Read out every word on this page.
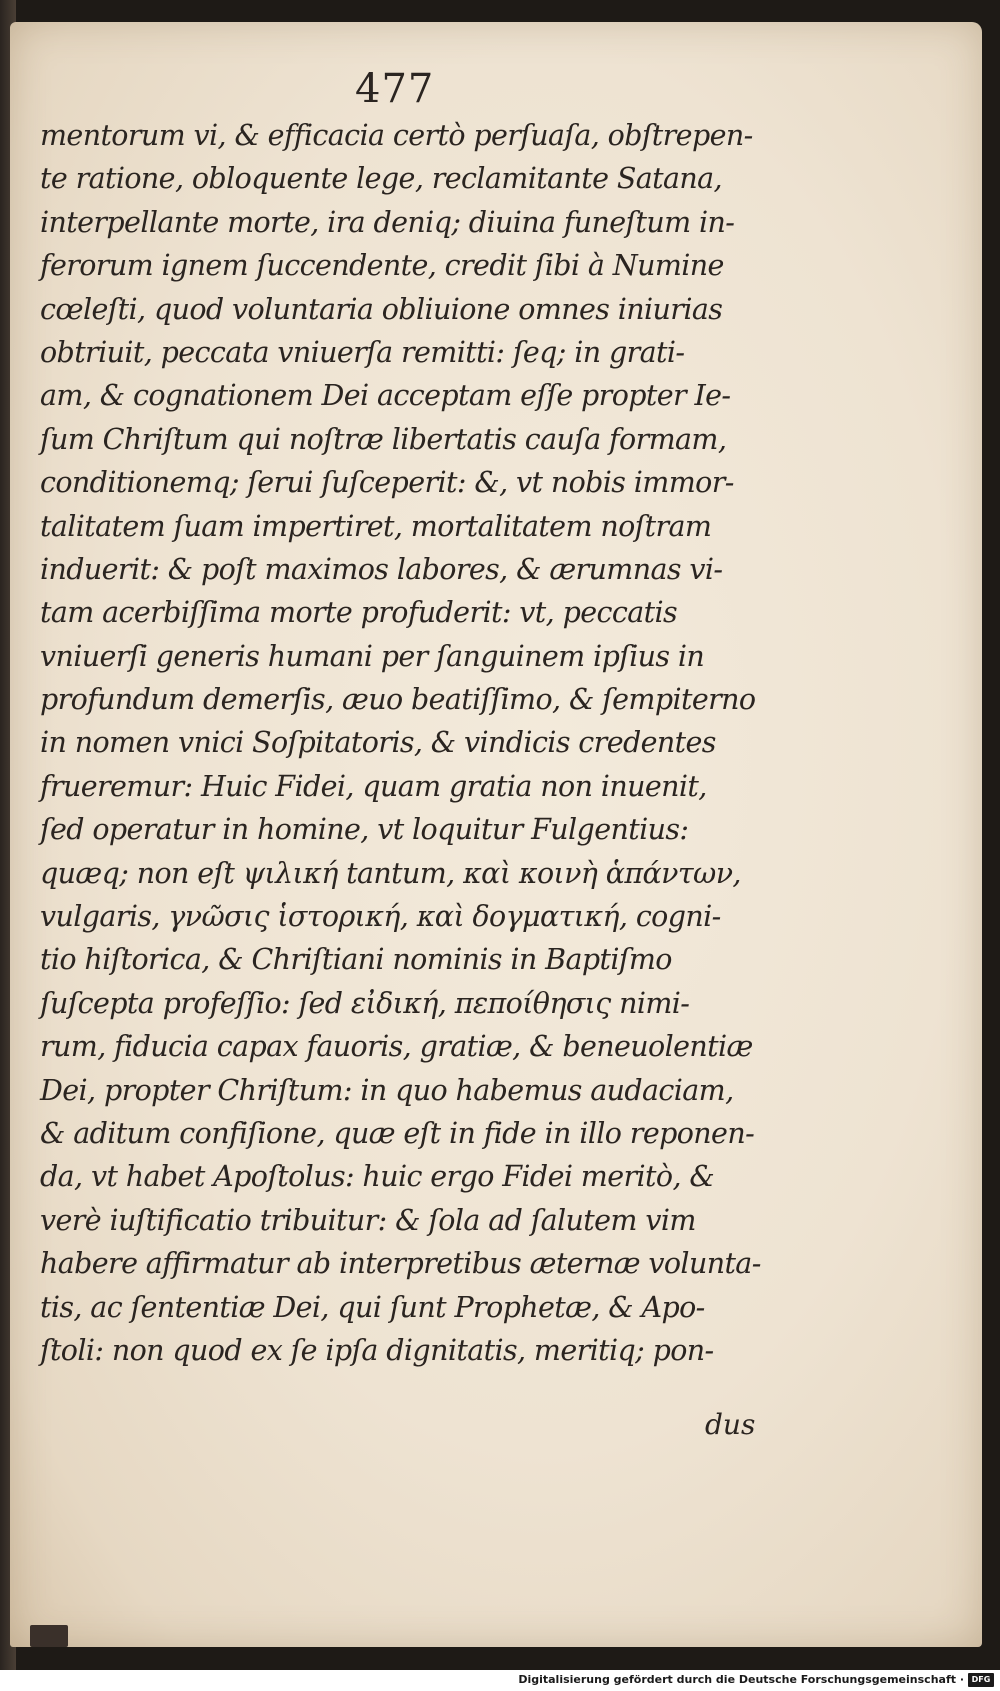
477
mentorum vi, & efficacia certò perſuaſa, obſtrepen-
te ratione, obloquente lege, reclamitante Satana,
interpellante morte, ira deniq; diuina funeſtum in-
ferorum ignem ſuccendente, credit ſibi à Numine
cœleſti, quod voluntaria obliuione omnes iniurias
obtriuit, peccata vniuerſa remitti: ſeq; in grati-
am, & cognationem Dei acceptam eſſe propter Ie-
ſum Chriſtum qui noſtræ libertatis cauſa formam,
conditionemq; ſerui ſuſceperit: &, vt nobis immor-
talitatem ſuam impertiret, mortalitatem noſtram
induerit: & poſt maximos labores, & ærumnas vi-
tam acerbiſſima morte profuderit: vt, peccatis
vniuerſi generis humani per ſanguinem ipſius in
profundum demerſis, æuo beatiſſimo, & ſempiterno
in nomen vnici Soſpitatoris, & vindicis credentes
frueremur: Huic Fidei, quam gratia non inuenit,
ſed operatur in homine, vt loquitur Fulgentius:
quæq; non eſt ψιλική tantum, καὶ κοινὴ ἁπάντων,
vulgaris, γνῶσις ἱστορική, καὶ δογματική, cogni-
tio hiſtorica, & Chriſtiani nominis in Baptiſmo
ſuſcepta profeſſio: ſed εἰδική, πεποίθησις nimi-
rum, fiducia capax fauoris, gratiæ, & beneuolentiæ
Dei, propter Chriſtum: in quo habemus audaciam,
& aditum confiſione, quæ eſt in fide in illo reponen-
da, vt habet Apoſtolus: huic ergo Fidei meritò, &
verè iuſtificatio tribuitur: & ſola ad ſalutem vim
habere affirmatur ab interpretibus æternæ volunta-
tis, ac ſententiæ Dei, qui ſunt Prophetæ, & Apo-
ſtoli: non quod ex ſe ipſa dignitatis, meritiq; pon-
dus
Digitalisierung gefördert durch die Deutsche Forschungsgemeinschaft · DFG
